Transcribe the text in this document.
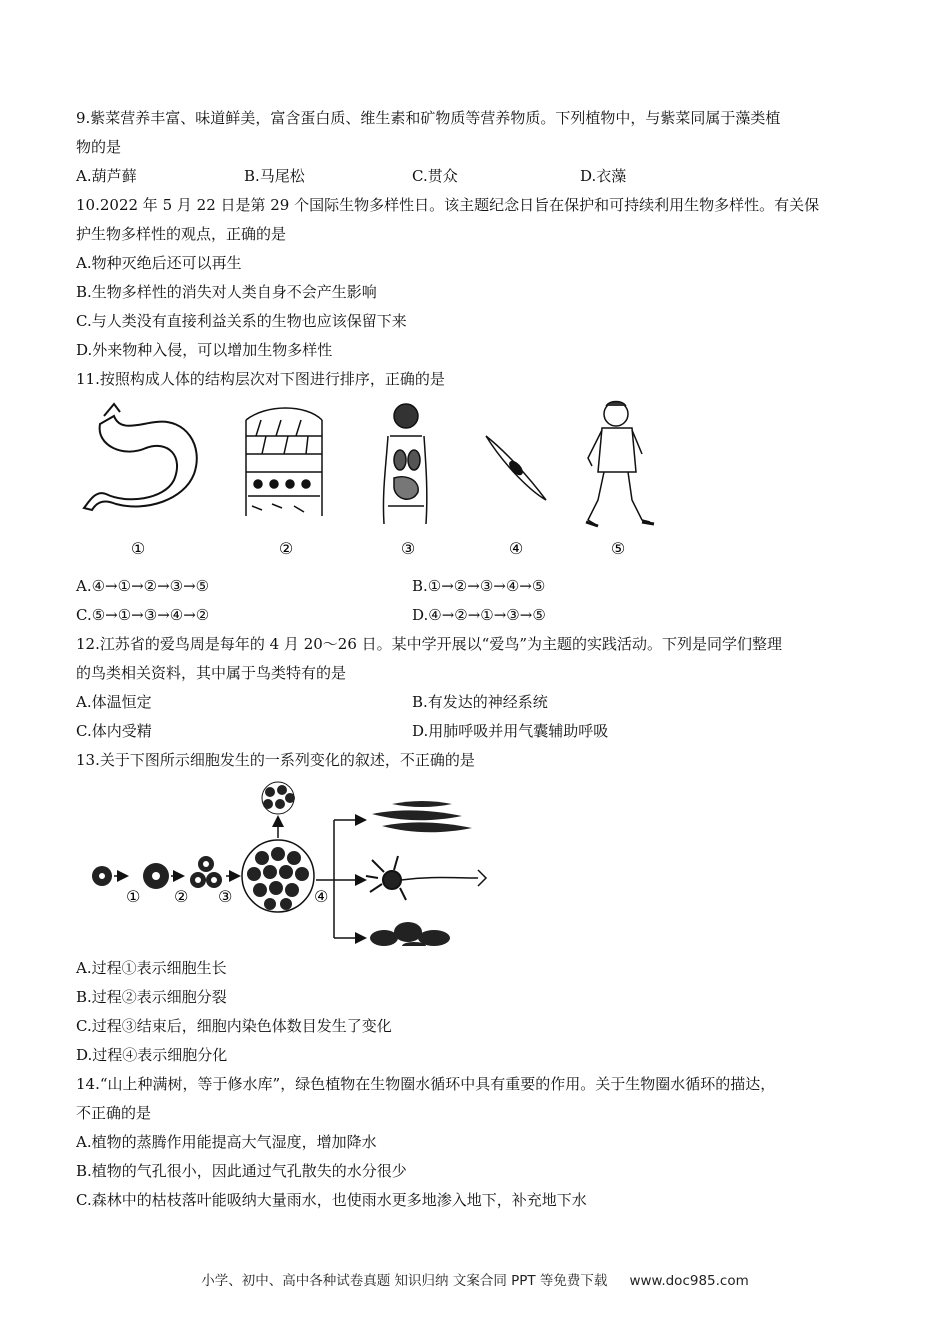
9.紫菜营养丰富、味道鲜美，富含蛋白质、维生素和矿物质等营养物质。下列植物中，与紫菜同属于藻类植
物的是
A.葫芦藓	B.马尾松	C.贯众	D.衣藻
10.2022 年 5 月 22 日是第 29 个国际生物多样性日。该主题纪念日旨在保护和可持续利用生物多样性。有关保
护生物多样性的观点，正确的是
A.物种灭绝后还可以再生
B.生物多样性的消失对人类自身不会产生影响
C.与人类没有直接利益关系的生物也应该保留下来
D.外来物种入侵，可以增加生物多样性
11.按照构成人体的结构层次对下图进行排序，正确的是
①	②	③	④	⑤
A.④→①→②→③→⑤	B.①→②→③→④→⑤
C.⑤→①→③→④→②	D.④→②→①→③→⑤
12.江苏省的爱鸟周是每年的 4 月 20～26 日。某中学开展以“爱鸟”为主题的实践活动。下列是同学们整理
的鸟类相关资料，其中属于鸟类特有的是
A.体温恒定	B.有发达的神经系统
C.体内受精	D.用肺呼吸并用气囊辅助呼吸
13.关于下图所示细胞发生的一系列变化的叙述，不正确的是
① ② ③	④
A.过程①表示细胞生长
B.过程②表示细胞分裂
C.过程③结束后，细胞内染色体数目发生了变化
D.过程④表示细胞分化
14.“山上种满树，等于修水库”，绿色植物在生物圈水循环中具有重要的作用。关于生物圈水循环的描达，
不正确的是
A.植物的蒸腾作用能提高大气湿度，增加降水
B.植物的气孔很小，因此通过气孔散失的水分很少
C.森林中的枯枝落叶能吸纳大量雨水，也使雨水更多地渗入地下，补充地下水
小学、初中、高中各种试卷真题 知识归纳 文案合同 PPT 等免费下载 www.doc985.com
